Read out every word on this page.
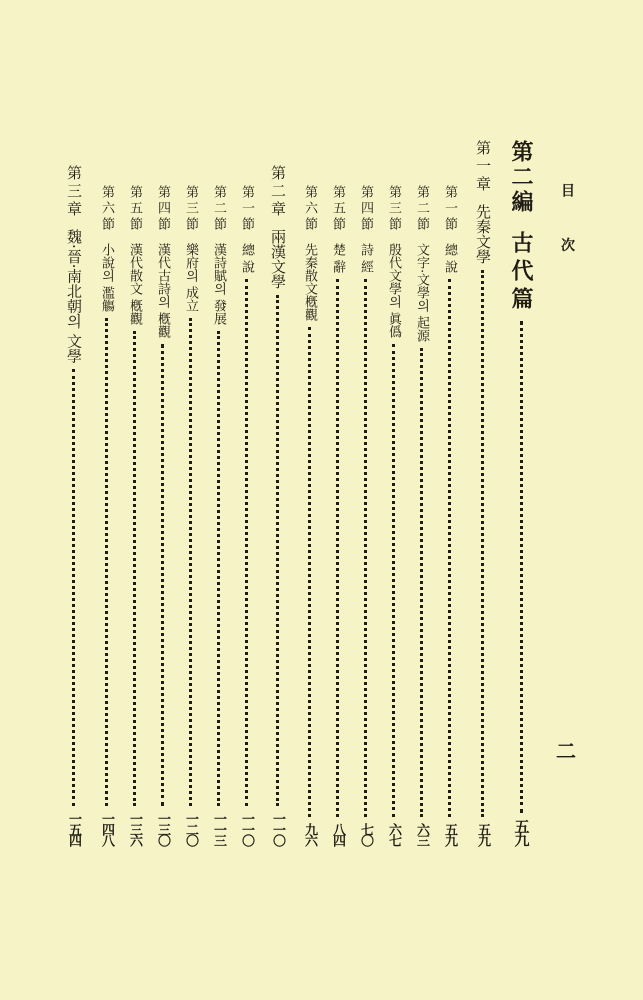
目 次
二
第二編
古代篇
五九
第一章
先秦文學
五九
第一節
總 說
五九
第二節
文字·文學의 起源
六三
第三節
殷代文學의 眞僞
六七
第四節
詩 經
七〇
第五節
楚 辭
八四
第六節
先秦散文槪觀
九六
第二章
兩漢文學
一一〇
第一節
總 說
一一〇
第二節
漢詩賦의 發展
一一三
第三節
樂府의 成立
一二〇
第四節
漢代古詩의 槪觀
一三〇
第五節
漢代散文 槪觀
一三六
第六節
小說의 濫觴
一四八
第三章
魏·晉·南北朝의 文學
一五四
